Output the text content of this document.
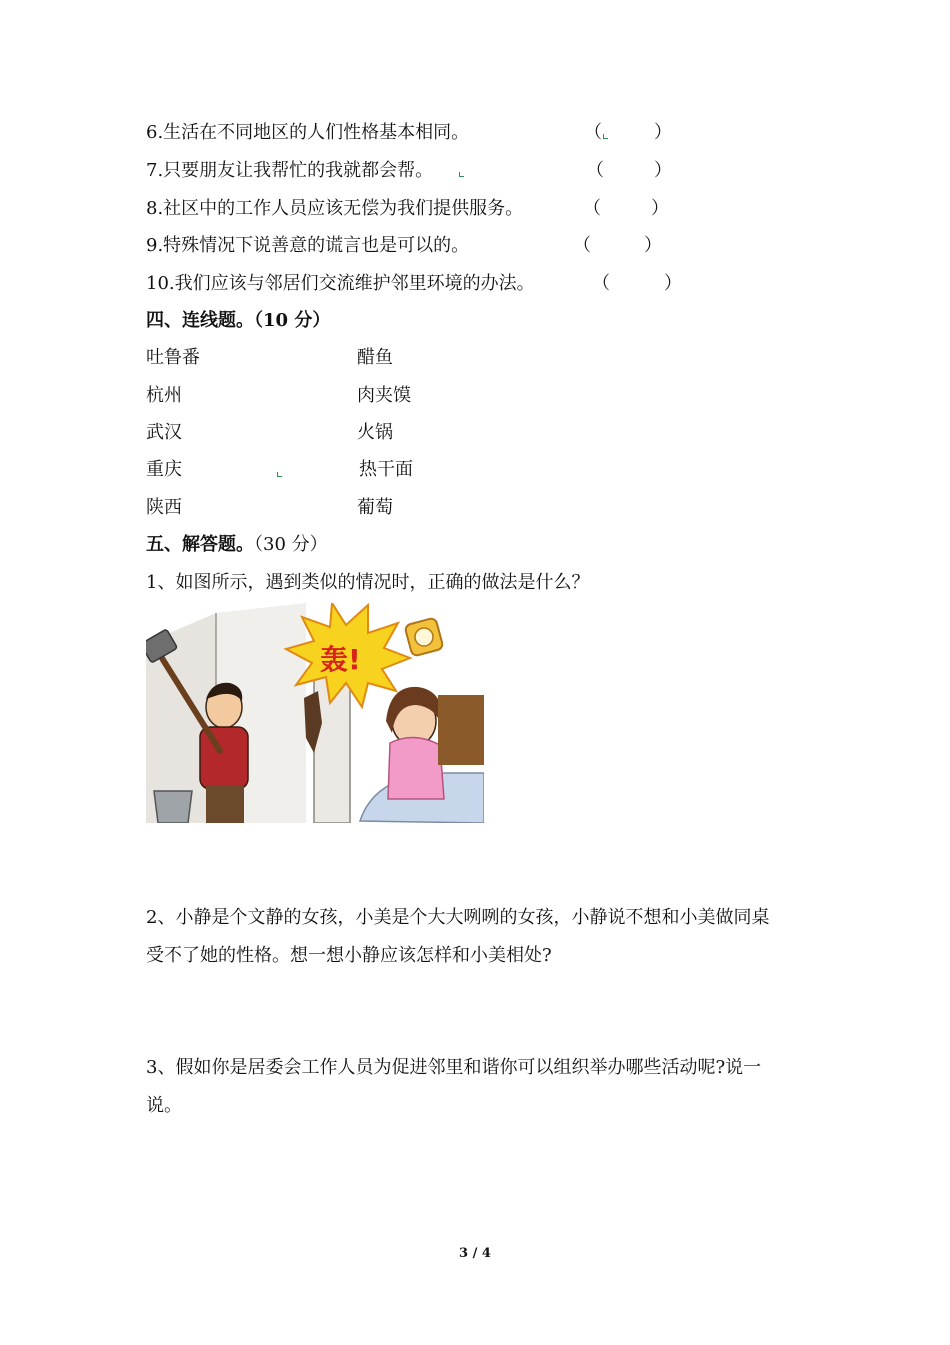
6.生活在不同地区的人们性格基本相同。	（	）
7.只要朋友让我帮忙的我就都会帮。	（	）
8.社区中的工作人员应该无偿为我们提供服务。	（	）
9.特殊情况下说善意的谎言也是可以的。	（	）
10.我们应该与邻居们交流维护邻里环境的办法。	（	）
四、连线题。（10 分）
吐鲁番	醋鱼
杭州	肉夹馍
武汉	火锅
重庆	热干面
陕西	葡萄
五、解答题。（30 分）
1、如图所示，遇到类似的情况时，正确的做法是什么？
轰!
2、小静是个文静的女孩，小美是个大大咧咧的女孩，小静说不想和小美做同桌
受不了她的性格。想一想小静应该怎样和小美相处?
3、假如你是居委会工作人员为促进邻里和谐你可以组织举办哪些活动呢?说一
说。
3 / 4
